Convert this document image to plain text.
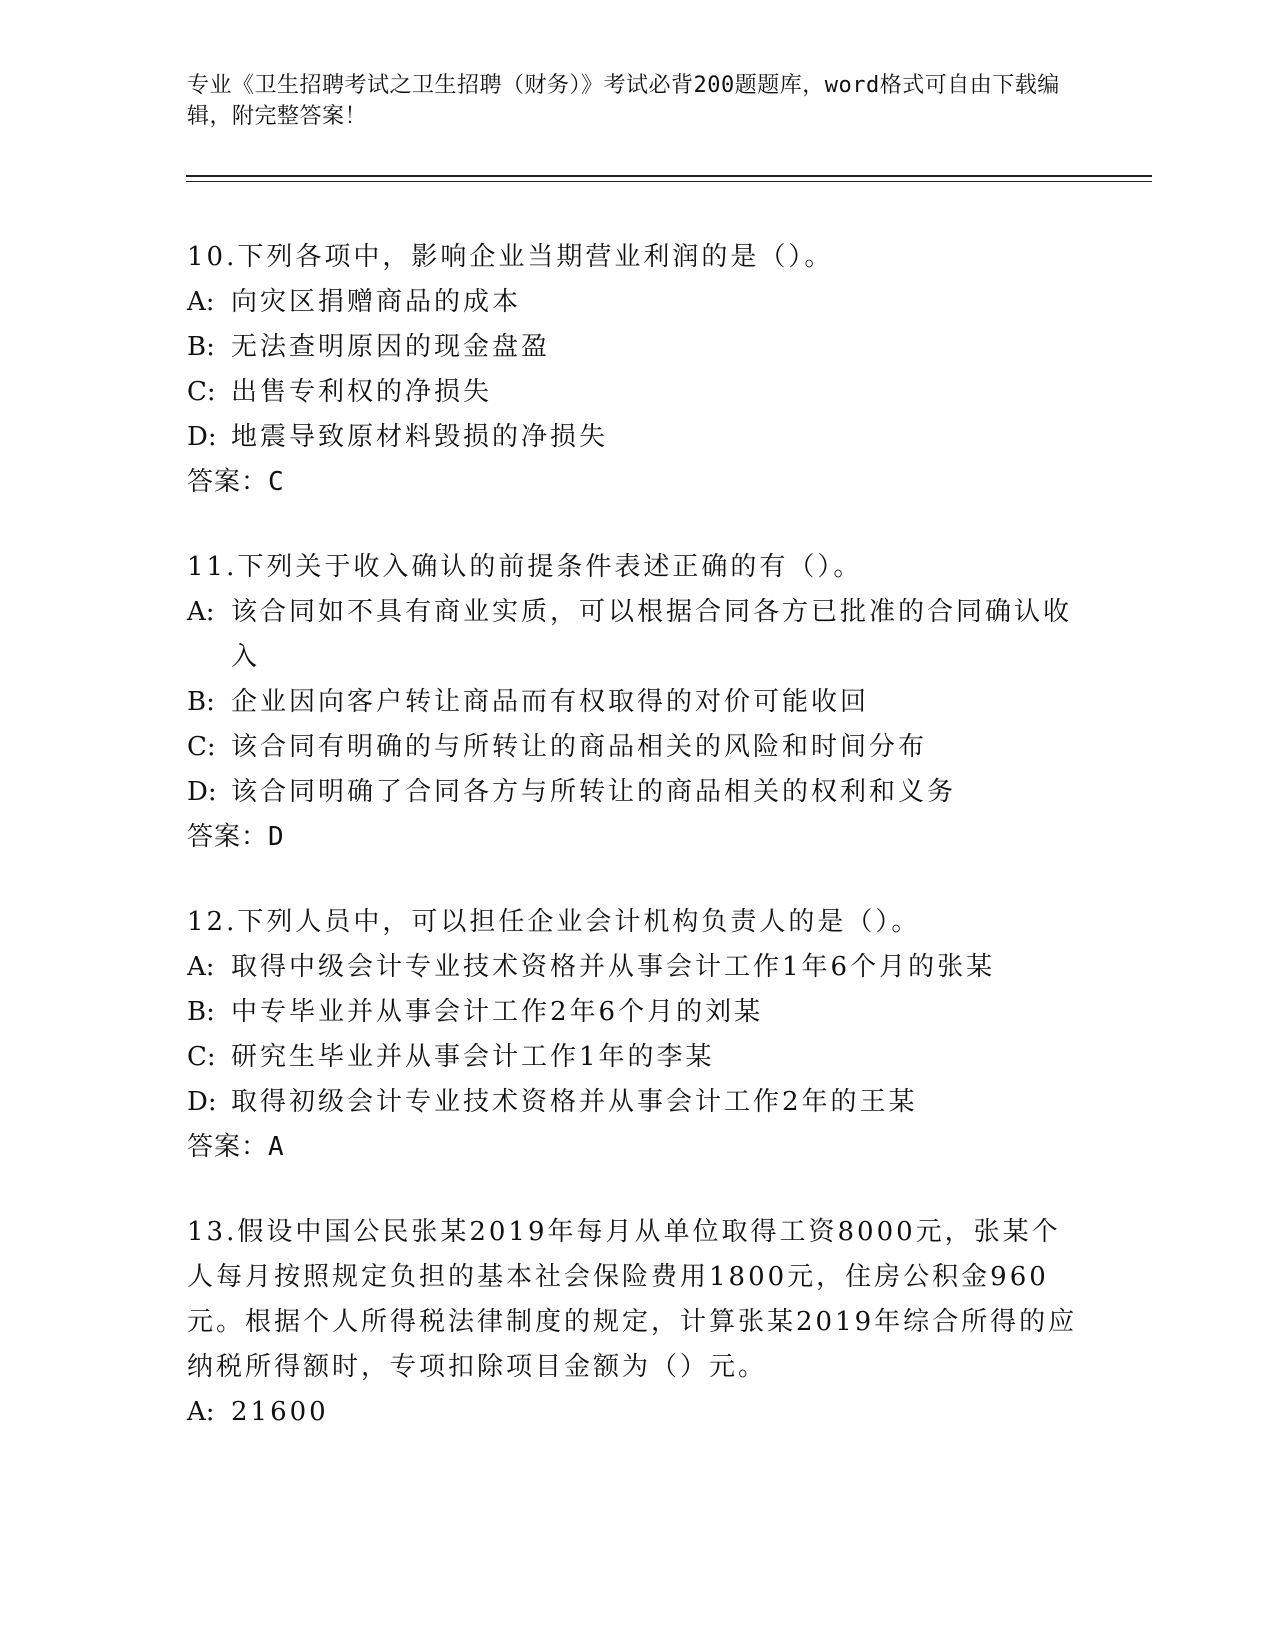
专业《卫生招聘考试之卫生招聘（财务）》考试必背200题题库，word格式可自由下载编辑，附完整答案！

10.下列各项中，影响企业当期营业利润的是（）。

A: 向灾区捐赠商品的成本

B: 无法查明原因的现金盘盈

C: 出售专利权的净损失

D: 地震导致原材料毁损的净损失

答案：C

11.下列关于收入确认的前提条件表述正确的有（）。

A: 该合同如不具有商业实质，可以根据合同各方已批准的合同确认收入

B: 企业因向客户转让商品而有权取得的对价可能收回

C: 该合同有明确的与所转让的商品相关的风险和时间分布

D: 该合同明确了合同各方与所转让的商品相关的权利和义务

答案：D

12.下列人员中，可以担任企业会计机构负责人的是（）。

A: 取得中级会计专业技术资格并从事会计工作1年6个月的张某

B: 中专毕业并从事会计工作2年6个月的刘某

C: 研究生毕业并从事会计工作1年的李某

D: 取得初级会计专业技术资格并从事会计工作2年的王某

答案：A

13.假设中国公民张某2019年每月从单位取得工资8000元，张某个人每月按照规定负担的基本社会保险费用1800元，住房公积金960元。根据个人所得税法律制度的规定，计算张某2019年综合所得的应纳税所得额时，专项扣除项目金额为（）元。

A: 21600
